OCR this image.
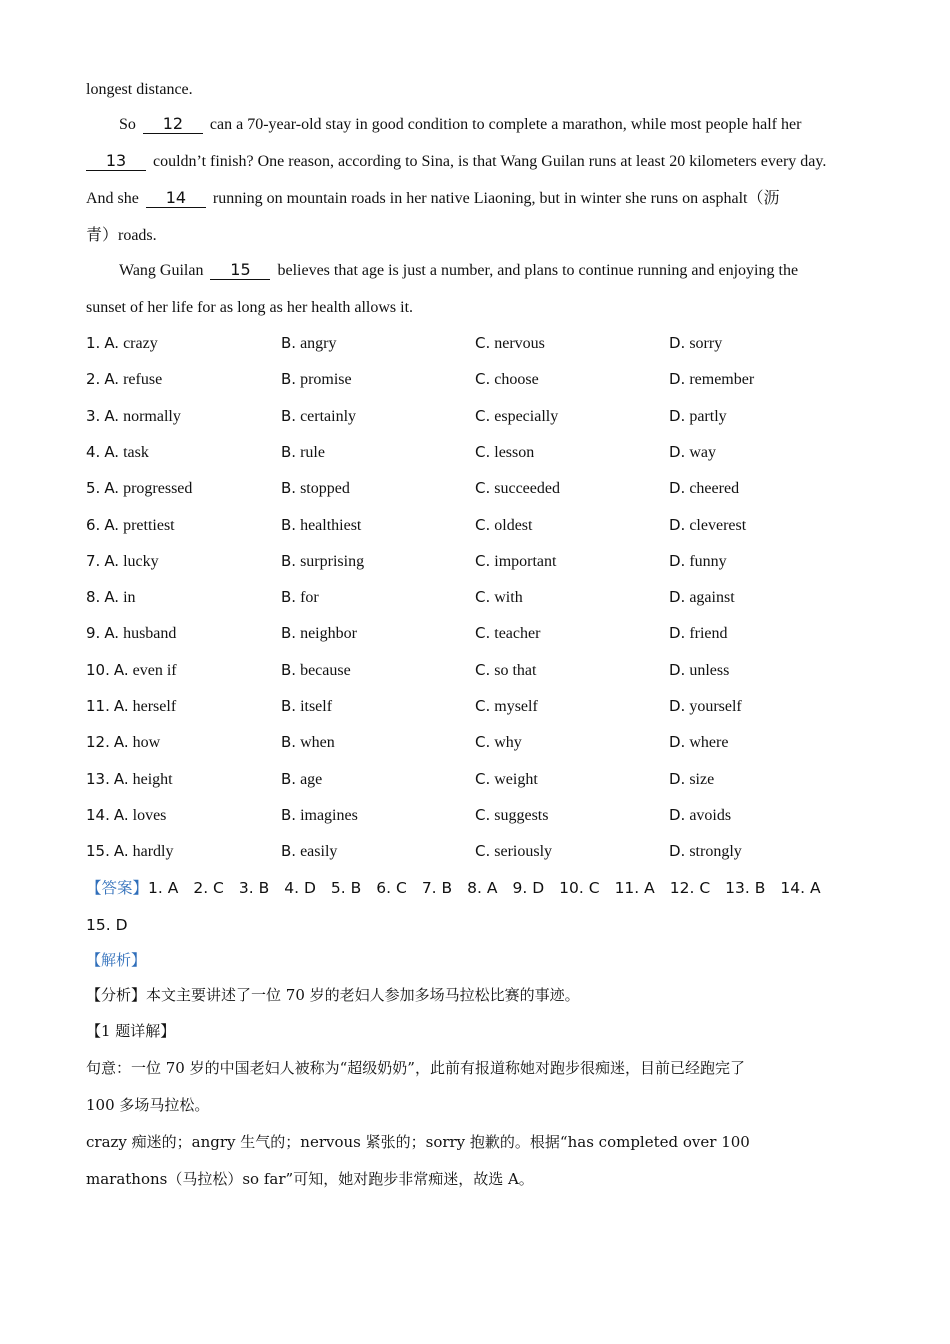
longest distance.
So 12 can a 70-year-old stay in good condition to complete a marathon, while most people half her
13 couldn’t finish? One reason, according to Sina, is that Wang Guilan runs at least 20 kilometers every day.
And she 14 running on mountain roads in her native Liaoning, but in winter she runs on asphalt（沥
青）roads.
Wang Guilan 15 believes that age is just a number, and plans to continue running and enjoying the
sunset of her life for as long as her health allows it.
1. A. crazy	B. angry	C. nervous	D. sorry
2. A. refuse	B. promise	C. choose	D. remember
3. A. normally	B. certainly	C. especially	D. partly
4. A. task	B. rule	C. lesson	D. way
5. A. progressed	B. stopped	C. succeeded	D. cheered
6. A. prettiest	B. healthiest	C. oldest	D. cleverest
7. A. lucky	B. surprising	C. important	D. funny
8. A. in	B. for	C. with	D. against
9. A. husband	B. neighbor	C. teacher	D. friend
10. A. even if	B. because	C. so that	D. unless
11. A. herself	B. itself	C. myself	D. yourself
12. A. how	B. when	C. why	D. where
13. A. height	B. age	C. weight	D. size
14. A. loves	B. imagines	C. suggests	D. avoids
15. A. hardly	B. easily	C. seriously	D. strongly
【答案】1. A 2. C 3. B 4. D 5. B 6. C 7. B 8. A 9. D 10. C 11. A 12. C 13. B 14. A
15. D
【解析】
【分析】本文主要讲述了一位 70 岁的老妇人参加多场马拉松比赛的事迹。
【1 题详解】
句意：一位 70 岁的中国老妇人被称为“超级奶奶”，此前有报道称她对跑步很痴迷，目前已经跑完了
100 多场马拉松。
crazy 痴迷的；angry 生气的；nervous 紧张的；sorry 抱歉的。根据“has completed over 100
marathons（马拉松）so far”可知，她对跑步非常痴迷，故选 A。
